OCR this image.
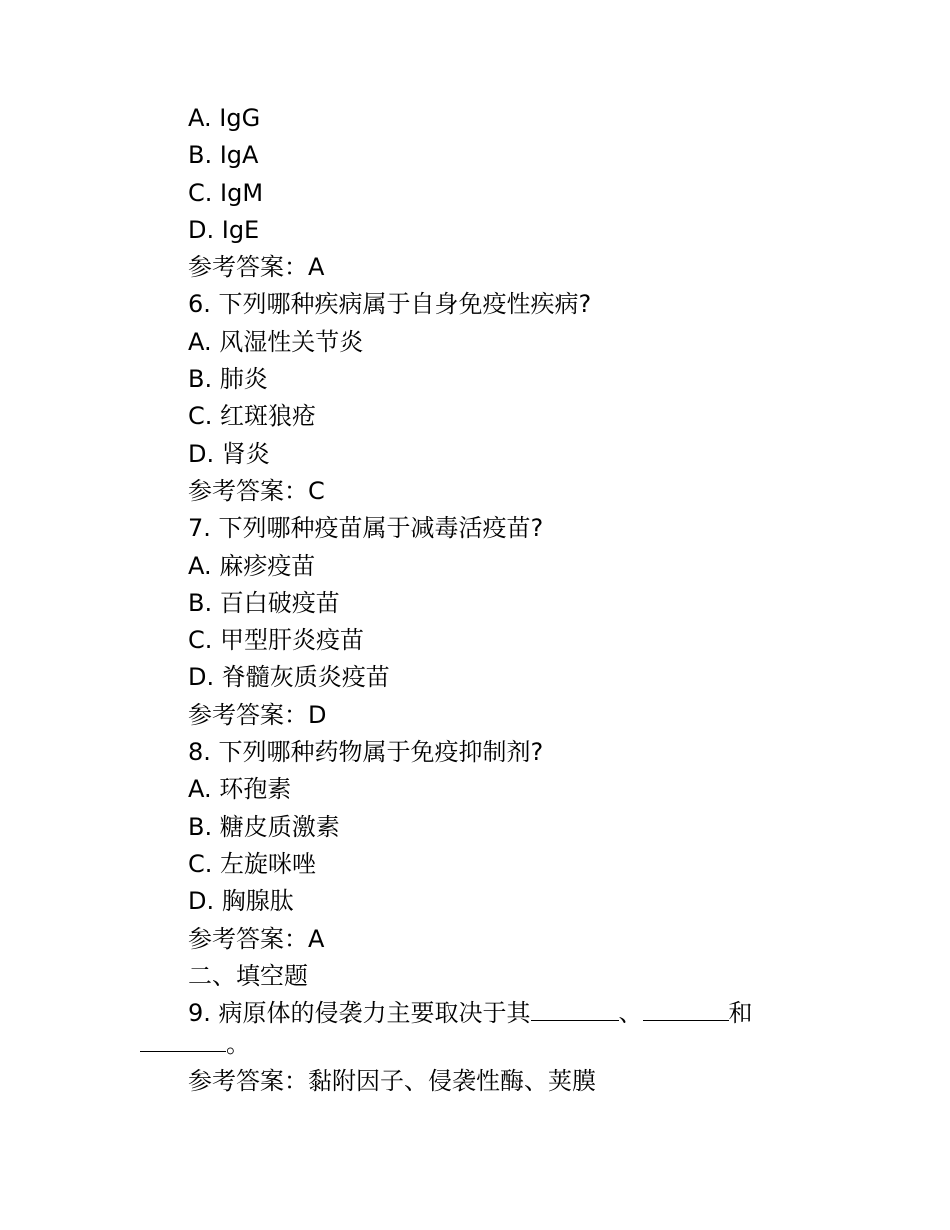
A. IgG
B. IgA
C. IgM
D. IgE
参考答案：A
6. 下列哪种疾病属于自身免疫性疾病?
A. 风湿性关节炎
B. 肺炎
C. 红斑狼疮
D. 肾炎
参考答案：C
7. 下列哪种疫苗属于减毒活疫苗?
A. 麻疹疫苗
B. 百白破疫苗
C. 甲型肝炎疫苗
D. 脊髓灰质炎疫苗
参考答案：D
8. 下列哪种药物属于免疫抑制剂?
A. 环孢素
B. 糖皮质激素
C. 左旋咪唑
D. 胸腺肽
参考答案：A
二、填空题
9. 病原体的侵袭力主要取决于其	、	和。
参考答案：黏附因子、侵袭性酶、荚膜
